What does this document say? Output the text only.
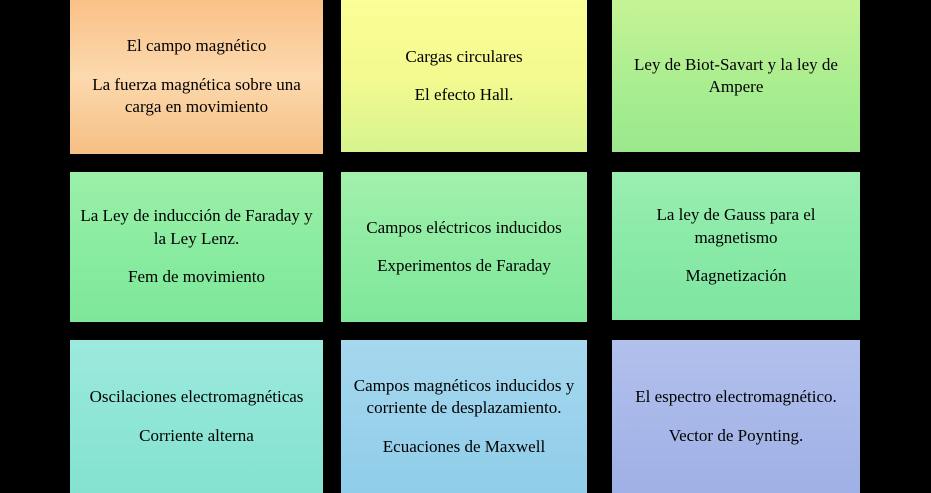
El campo magnético
La fuerza magnética sobre una carga en movimiento
Cargas circulares
El efecto Hall.
Ley de Biot-Savart y la ley de Ampere
La Ley de inducción de Faraday y la Ley Lenz.
Fem de movimiento
Campos eléctricos inducidos
Experimentos de Faraday
La ley de Gauss para el magnetismo
Magnetización
Oscilaciones electromagnéticas
Corriente alterna
Campos magnéticos inducidos y corriente de desplazamiento.
Ecuaciones de Maxwell
El espectro electromagnético.
Vector de Poynting.
